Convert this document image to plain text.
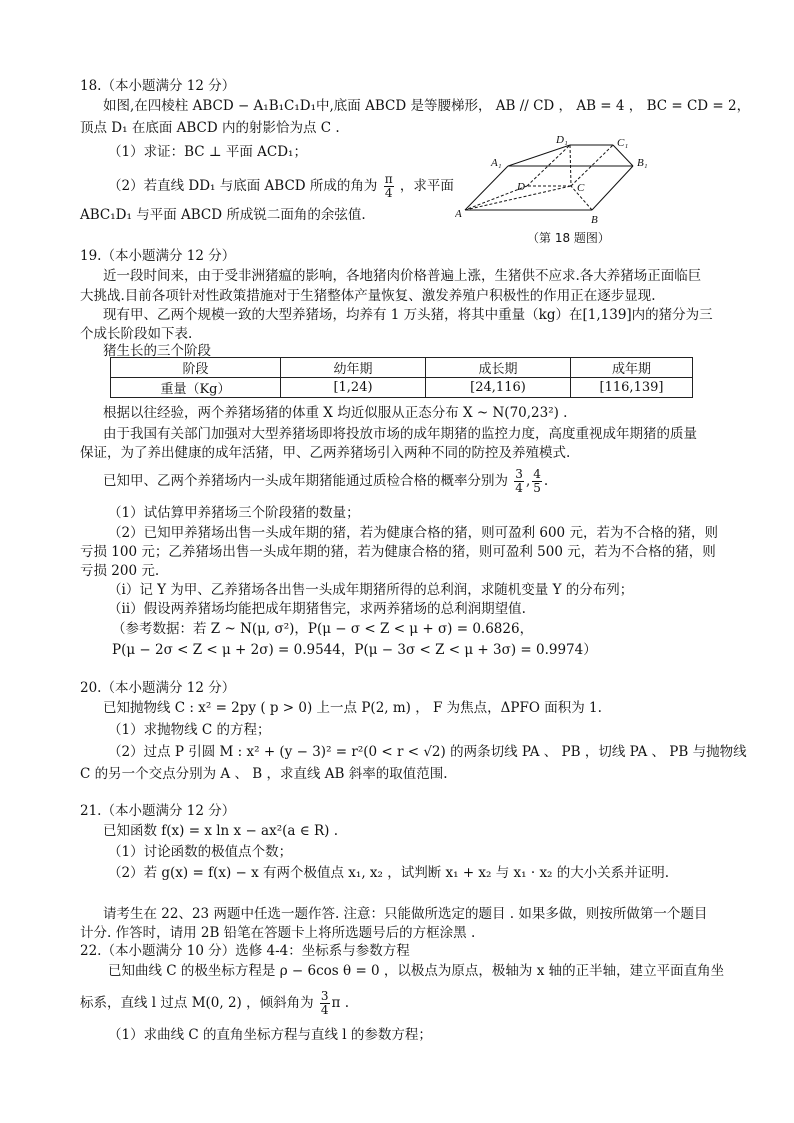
18.（本小题满分 12 分）
如图,在四棱柱 ABCD − A₁B₁C₁D₁中,底面 ABCD 是等腰梯形， AB // CD ， AB = 4 ， BC = CD = 2，
顶点 D₁ 在底面 ABCD 内的射影恰为点 C .
（1）求证：BC ⊥ 平面 ACD₁；
（2）若直线 DD₁ 与底面 ABCD 所成的角为 $\frac{\pi}{4}$ ，求平面
ABC₁D₁ 与平面 ABCD 所成锐二面角的余弦值.	A	B
C
D
A₁	B₁
C₁
D₁
（第 18 题图）
19.（本小题满分 12 分）
近一段时间来，由于受非洲猪瘟的影响，各地猪肉价格普遍上涨，生猪供不应求.各大养猪场正面临巨
大挑战.目前各项针对性政策措施对于生猪整体产量恢复、激发养殖户积极性的作用正在逐步显现.
现有甲、乙两个规模一致的大型养猪场，均养有 1 万头猪，将其中重量（kg）在[1,139]内的猪分为三
个成长阶段如下表.
猪生长的三个阶段
阶段	幼年期	成长期	成年期
重量（Kg）	[1,24)	[24,116)	[116,139]
根据以往经验，两个养猪场猪的体重 X 均近似服从正态分布 X ~ N(70,23²) .
由于我国有关部门加强对大型养猪场即将投放市场的成年期猪的监控力度，高度重视成年期猪的质量
保证，为了养出健康的成年活猪，甲、乙两养猪场引入两种不同的防控及养殖模式.
已知甲、乙两个养猪场内一头成年期猪能通过质检合格的概率分别为 $\frac{3}{4}$ , $\frac{4}{5}$ .
（1）试估算甲养猪场三个阶段猪的数量；
（2）已知甲养猪场出售一头成年期的猪，若为健康合格的猪，则可盈利 600 元，若为不合格的猪，则
亏损 100 元；乙养猪场出售一头成年期的猪，若为健康合格的猪，则可盈利 500 元，若为不合格的猪，则
亏损 200 元.
（ⅰ）记 Y 为甲、乙养猪场各出售一头成年期猪所得的总利润，求随机变量 Y 的分布列；
（ⅱ）假设两养猪场均能把成年期猪售完，求两养猪场的总利润期望值.
（参考数据：若 Z ~ N(μ, σ²)，P(μ − σ < Z < μ + σ) = 0.6826，
P(μ − 2σ < Z < μ + 2σ) = 0.9544，P(μ − 3σ < Z < μ + 3σ) = 0.9974）
20.（本小题满分 12 分）
已知抛物线 C : x² = 2py ( p > 0) 上一点 P(2, m) ， F 为焦点，ΔPFO 面积为 1.
（1）求抛物线 C 的方程；
（2）过点 P 引圆 M : x² + (y − 3)² = r²(0 < r < √2) 的两条切线 PA 、 PB ，切线 PA 、 PB 与抛物线
C 的另一个交点分别为 A 、 B ，求直线 AB 斜率的取值范围.
21.（本小题满分 12 分）
已知函数 f(x) = x ln x − ax²(a ∈ R) .
（1）讨论函数的极值点个数；
（2）若 g(x) = f(x) − x 有两个极值点 x₁, x₂ ，试判断 x₁ + x₂ 与 x₁ · x₂ 的大小关系并证明.
请考生在 22、23 两题中任选一题作答. 注意：只能做所选定的题目 . 如果多做，则按所做第一个题目
计分. 作答时，请用 2B 铅笔在答题卡上将所选题号后的方框涂黑 .
22.（本小题满分 10 分）选修 4-4：坐标系与参数方程
已知曲线 C 的极坐标方程是 ρ − 6cos θ = 0 ，以极点为原点，极轴为 x 轴的正半轴，建立平面直角坐
标系，直线 l 过点 M(0, 2) ，倾斜角为 $\frac{3}{4}$ π .
（1）求曲线 C 的直角坐标方程与直线 l 的参数方程；
